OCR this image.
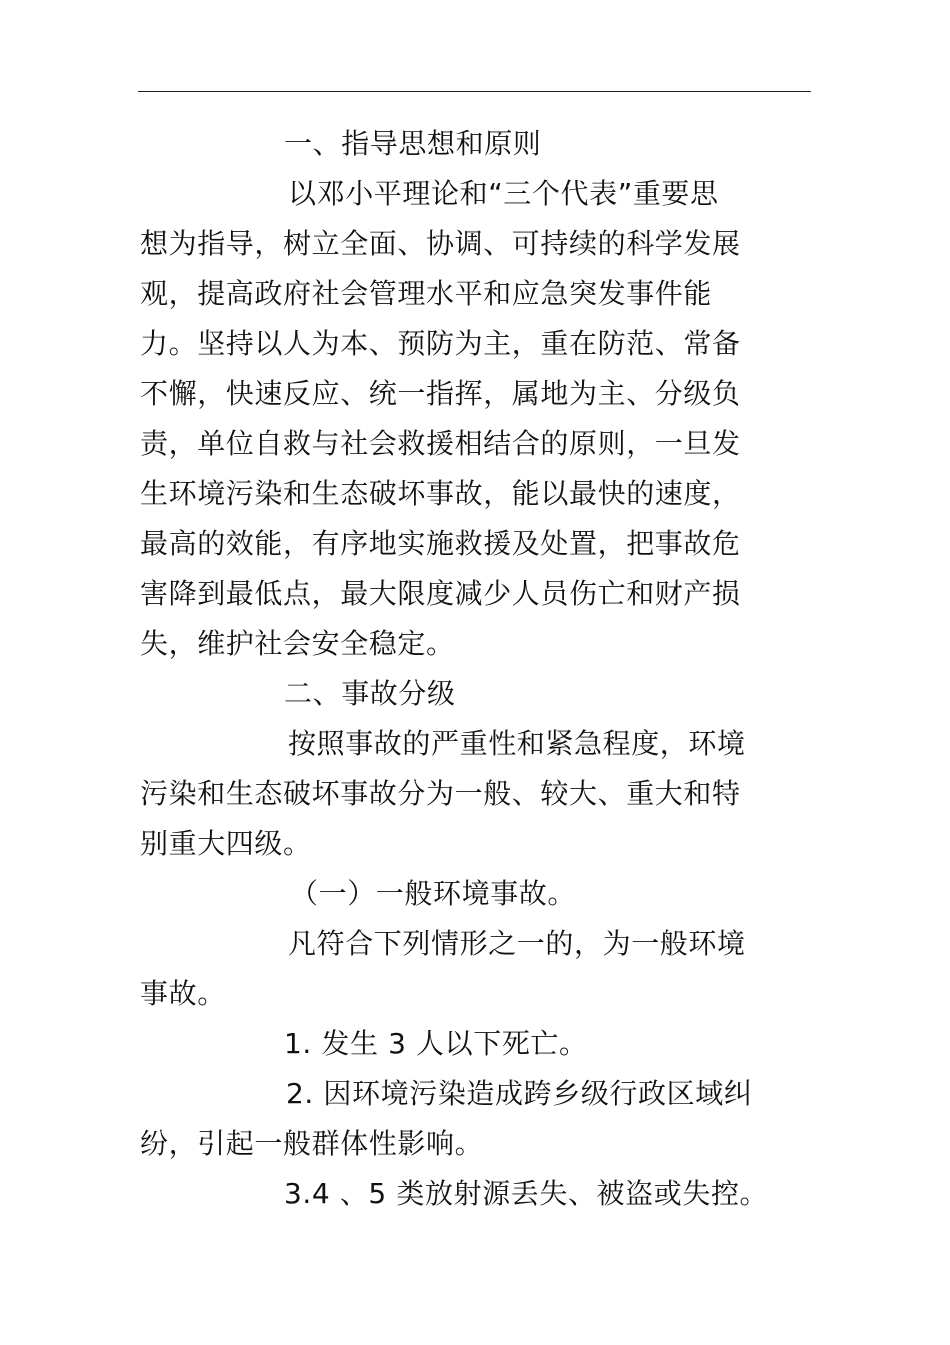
一、指导思想和原则
以邓小平理论和“三个代表”重要思
想为指导，树立全面、协调、可持续的科学发展
观，提高政府社会管理水平和应急突发事件能
力。坚持以人为本、预防为主，重在防范、常备
不懈，快速反应、统一指挥，属地为主、分级负
责，单位自救与社会救援相结合的原则，一旦发
生环境污染和生态破坏事故，能以最快的速度，
最高的效能，有序地实施救援及处置，把事故危
害降到最低点，最大限度减少人员伤亡和财产损
失，维护社会安全稳定。
二、事故分级
按照事故的严重性和紧急程度，环境
污染和生态破坏事故分为一般、较大、重大和特
别重大四级。
（一）一般环境事故。
凡符合下列情形之一的，为一般环境
事故。
1. 发生 3 人以下死亡。
2. 因环境污染造成跨乡级行政区域纠
纷，引起一般群体性影响。
3.4 、5 类放射源丢失、被盗或失控。
